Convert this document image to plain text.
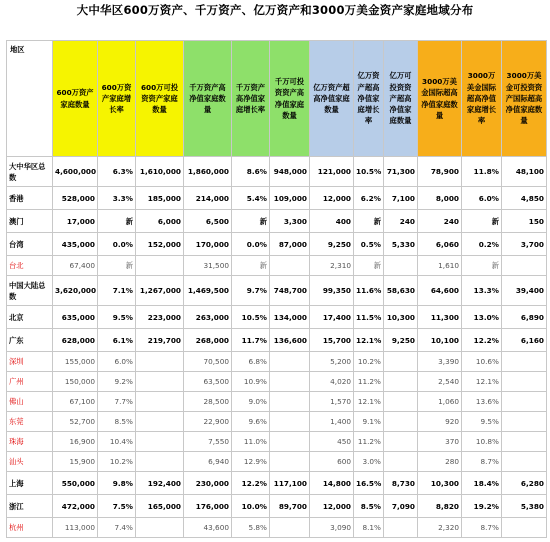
大中华区600万资产、千万资产、亿万资产和3000万美金资产家庭地域分布
地区	600万资产家庭数量	600万资产家庭增长率	600万可投资资产家庭数量	千万资产高净值家庭数量	千万资产高净值家庭增长率	千万可投资资产高净值家庭数量	亿万资产超高净值家庭数量	亿万资产超高净值家庭增长率	亿万可投资资产超高净值家庭数量	3000万美金国际超高净值家庭数量	3000万美金国际超高净值家庭增长率	3000万美金可投资资产国际超高净值家庭数量
大中华区总数	4,600,000	6.3%	1,610,000	1,860,000	8.6%	948,000	121,000	10.5%	71,300	78,900	11.8%	48,100
香港	528,000	3.3%	185,000	214,000	5.4%	109,000	12,000	6.2%	7,100	8,000	6.0%	4,850
澳门	17,000	新	6,000	6,500	新	3,300	400	新	240	240	新	150
台湾	435,000	0.0%	152,000	170,000	0.0%	87,000	9,250	0.5%	5,330	6,060	0.2%	3,700
台北	67,400	新		31,500	新		2,310	新		1,610	新	
中国大陆总数	3,620,000	7.1%	1,267,000	1,469,500	9.7%	748,700	99,350	11.6%	58,630	64,600	13.3%	39,400
北京	635,000	9.5%	223,000	263,000	10.5%	134,000	17,400	11.5%	10,300	11,300	13.0%	6,890
广东	628,000	6.1%	219,700	268,000	11.7%	136,600	15,700	12.1%	9,250	10,100	12.2%	6,160
深圳	155,000	6.0%		70,500	6.8%		5,200	10.2%		3,390	10.6%	
广州	150,000	9.2%		63,500	10.9%		4,020	11.2%		2,540	12.1%	
佛山	67,100	7.7%		28,500	9.0%		1,570	12.1%		1,060	13.6%	
东莞	52,700	8.5%		22,900	9.6%		1,400	9.1%		920	9.5%	
珠海	16,900	10.4%		7,550	11.0%		450	11.2%		370	10.8%	
汕头	15,900	10.2%		6,940	12.9%		600	3.0%		280	8.7%	
上海	550,000	9.8%	192,400	230,000	12.2%	117,100	14,800	16.5%	8,730	10,300	18.4%	6,280
浙江	472,000	7.5%	165,000	176,000	10.0%	89,700	12,000	8.5%	7,090	8,820	19.2%	5,380
杭州	113,000	7.4%		43,600	5.8%		3,090	8.1%		2,320	8.7%	
